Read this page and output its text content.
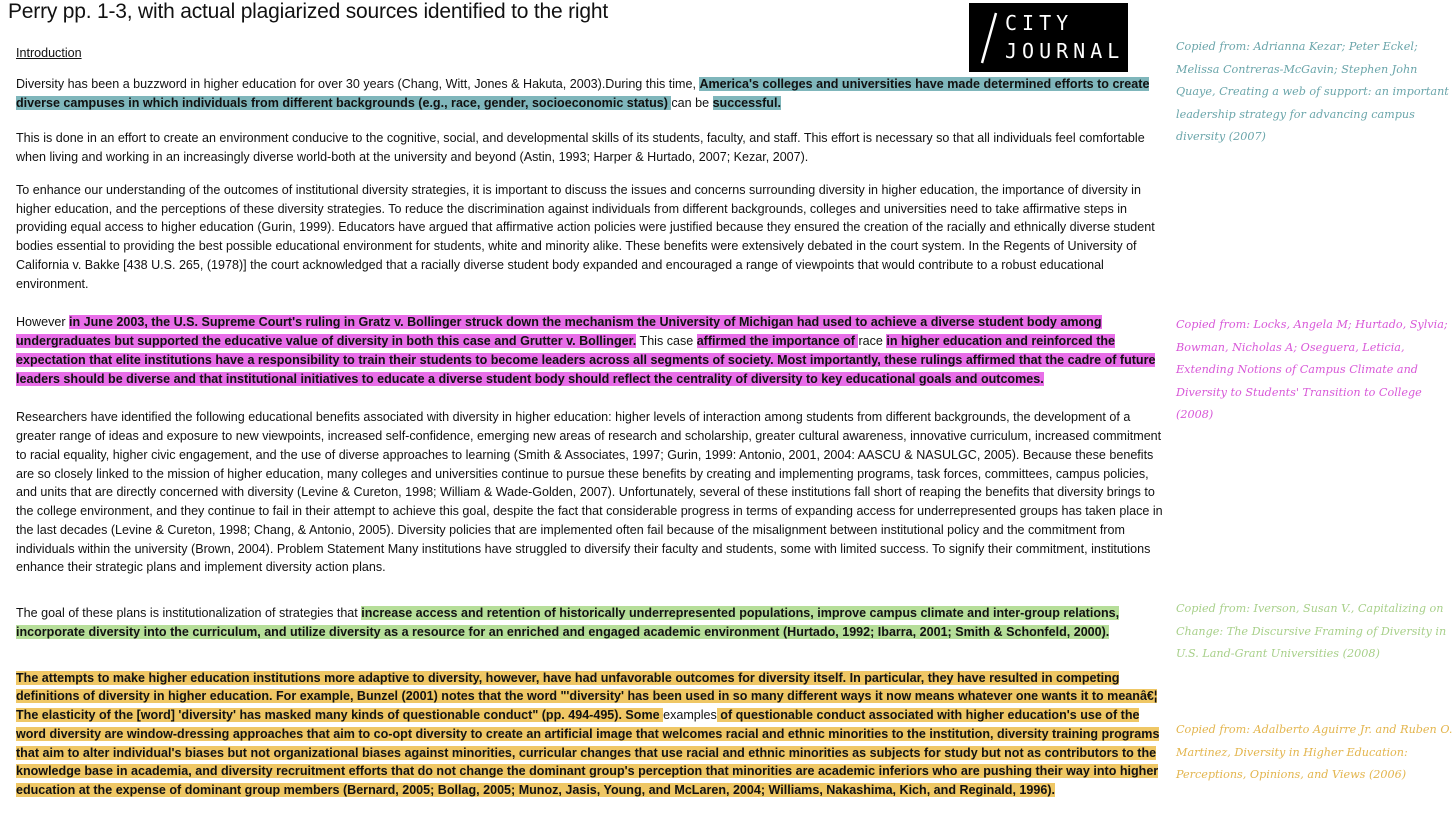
Perry pp. 1-3, with actual plagiarized sources identified to the right	CITY
JOURNAL

Introduction

Diversity has been a buzzword in higher education for over 30 years (Chang, Witt, Jones & Hakuta, 2003).During this time, America's colleges and universities have made determined efforts to create diverse campuses in which individuals from different backgrounds (e.g., race, gender, socioeconomic status) can be successful.

This is done in an effort to create an environment conducive to the cognitive, social, and developmental skills of its students, faculty, and staff. This effort is necessary so that all individuals feel comfortable when living and working in an increasingly diverse world-both at the university and beyond (Astin, 1993; Harper & Hurtado, 2007; Kezar, 2007).

To enhance our understanding of the outcomes of institutional diversity strategies, it is important to discuss the issues and concerns surrounding diversity in higher education, the importance of diversity in higher education, and the perceptions of these diversity strategies. To reduce the discrimination against individuals from different backgrounds, colleges and universities need to take affirmative steps in providing equal access to higher education (Gurin, 1999). Educators have argued that affirmative action policies were justified because they ensured the creation of the racially and ethnically diverse student bodies essential to providing the best possible educational environment for students, white and minority alike. These benefits were extensively debated in the court system. In the Regents of University of California v. Bakke [438 U.S. 265, (1978)] the court acknowledged that a racially diverse student body expanded and encouraged a range of viewpoints that would contribute to a robust educational environment.

However in June 2003, the U.S. Supreme Court's ruling in Gratz v. Bollinger struck down the mechanism the University of Michigan had used to achieve a diverse student body among undergraduates but supported the educative value of diversity in both this case and Grutter v. Bollinger. This case affirmed the importance of race in higher education and reinforced the expectation that elite institutions have a responsibility to train their students to become leaders across all segments of society. Most importantly, these rulings affirmed that the cadre of future leaders should be diverse and that institutional initiatives to educate a diverse student body should reflect the centrality of diversity to key educational goals and outcomes.

Researchers have identified the following educational benefits associated with diversity in higher education: higher levels of interaction among students from different backgrounds, the development of a greater range of ideas and exposure to new viewpoints, increased self-confidence, emerging new areas of research and scholarship, greater cultural awareness, innovative curriculum, increased commitment to racial equality, higher civic engagement, and the use of diverse approaches to learning (Smith & Associates, 1997; Gurin, 1999: Antonio, 2001, 2004: AASCU & NASULGC, 2005). Because these benefits are so closely linked to the mission of higher education, many colleges and universities continue to pursue these benefits by creating and implementing programs, task forces, committees, campus policies, and units that are directly concerned with diversity (Levine & Cureton, 1998; William & Wade-Golden, 2007). Unfortunately, several of these institutions fall short of reaping the benefits that diversity brings to the college environment, and they continue to fail in their attempt to achieve this goal, despite the fact that considerable progress in terms of expanding access for underrepresented groups has taken place in the last decades (Levine & Cureton, 1998; Chang, & Antonio, 2005). Diversity policies that are implemented often fail because of the misalignment between institutional policy and the commitment from individuals within the university (Brown, 2004). Problem Statement Many institutions have struggled to diversify their faculty and students, some with limited success. To signify their commitment, institutions enhance their strategic plans and implement diversity action plans.

The goal of these plans is institutionalization of strategies that increase access and retention of historically underrepresented populations, improve campus climate and inter-group relations, incorporate diversity into the curriculum, and utilize diversity as a resource for an enriched and engaged academic environment (Hurtado, 1992; Ibarra, 2001; Smith & Schonfeld, 2000).

The attempts to make higher education institutions more adaptive to diversity, however, have had unfavorable outcomes for diversity itself. In particular, they have resulted in competing definitions of diversity in higher education. For example, Bunzel (2001) notes that the word "'diversity' has been used in so many different ways it now means whatever one wants it to meanâ€¦ The elasticity of the [word] 'diversity' has masked many kinds of questionable conduct" (pp. 494-495). Some examples of questionable conduct associated with higher education's use of the word diversity are window-dressing approaches that aim to co-opt diversity to create an artificial image that welcomes racial and ethnic minorities to the institution, diversity training programs that aim to alter individual's biases but not organizational biases against minorities, curricular changes that use racial and ethnic minorities as subjects for study but not as contributors to the knowledge base in academia, and diversity recruitment efforts that do not change the dominant group's perception that minorities are academic inferiors who are pushing their way into higher education at the expense of dominant group members (Bernard, 2005; Bollag, 2005; Munoz, Jasis, Young, and McLaren, 2004; Williams, Nakashima, Kich, and Reginald, 1996).

Copied from: Adrianna Kezar; Peter Eckel; Melissa Contreras-McGavin; Stephen John Quaye, Creating a web of support: an important leadership strategy for advancing campus diversity (2007)
Copied from: Locks, Angela M; Hurtado, Sylvia; Bowman, Nicholas A; Oseguera, Leticia, Extending Notions of Campus Climate and Diversity to Students' Transition to College (2008)
Copied from: Iverson, Susan V., Capitalizing on Change: The Discursive Framing of Diversity in U.S. Land-Grant Universities (2008)
Copied from: Adalberto Aguirre Jr. and Ruben O. Martinez, Diversity in Higher Education: Perceptions, Opinions, and Views (2006)
